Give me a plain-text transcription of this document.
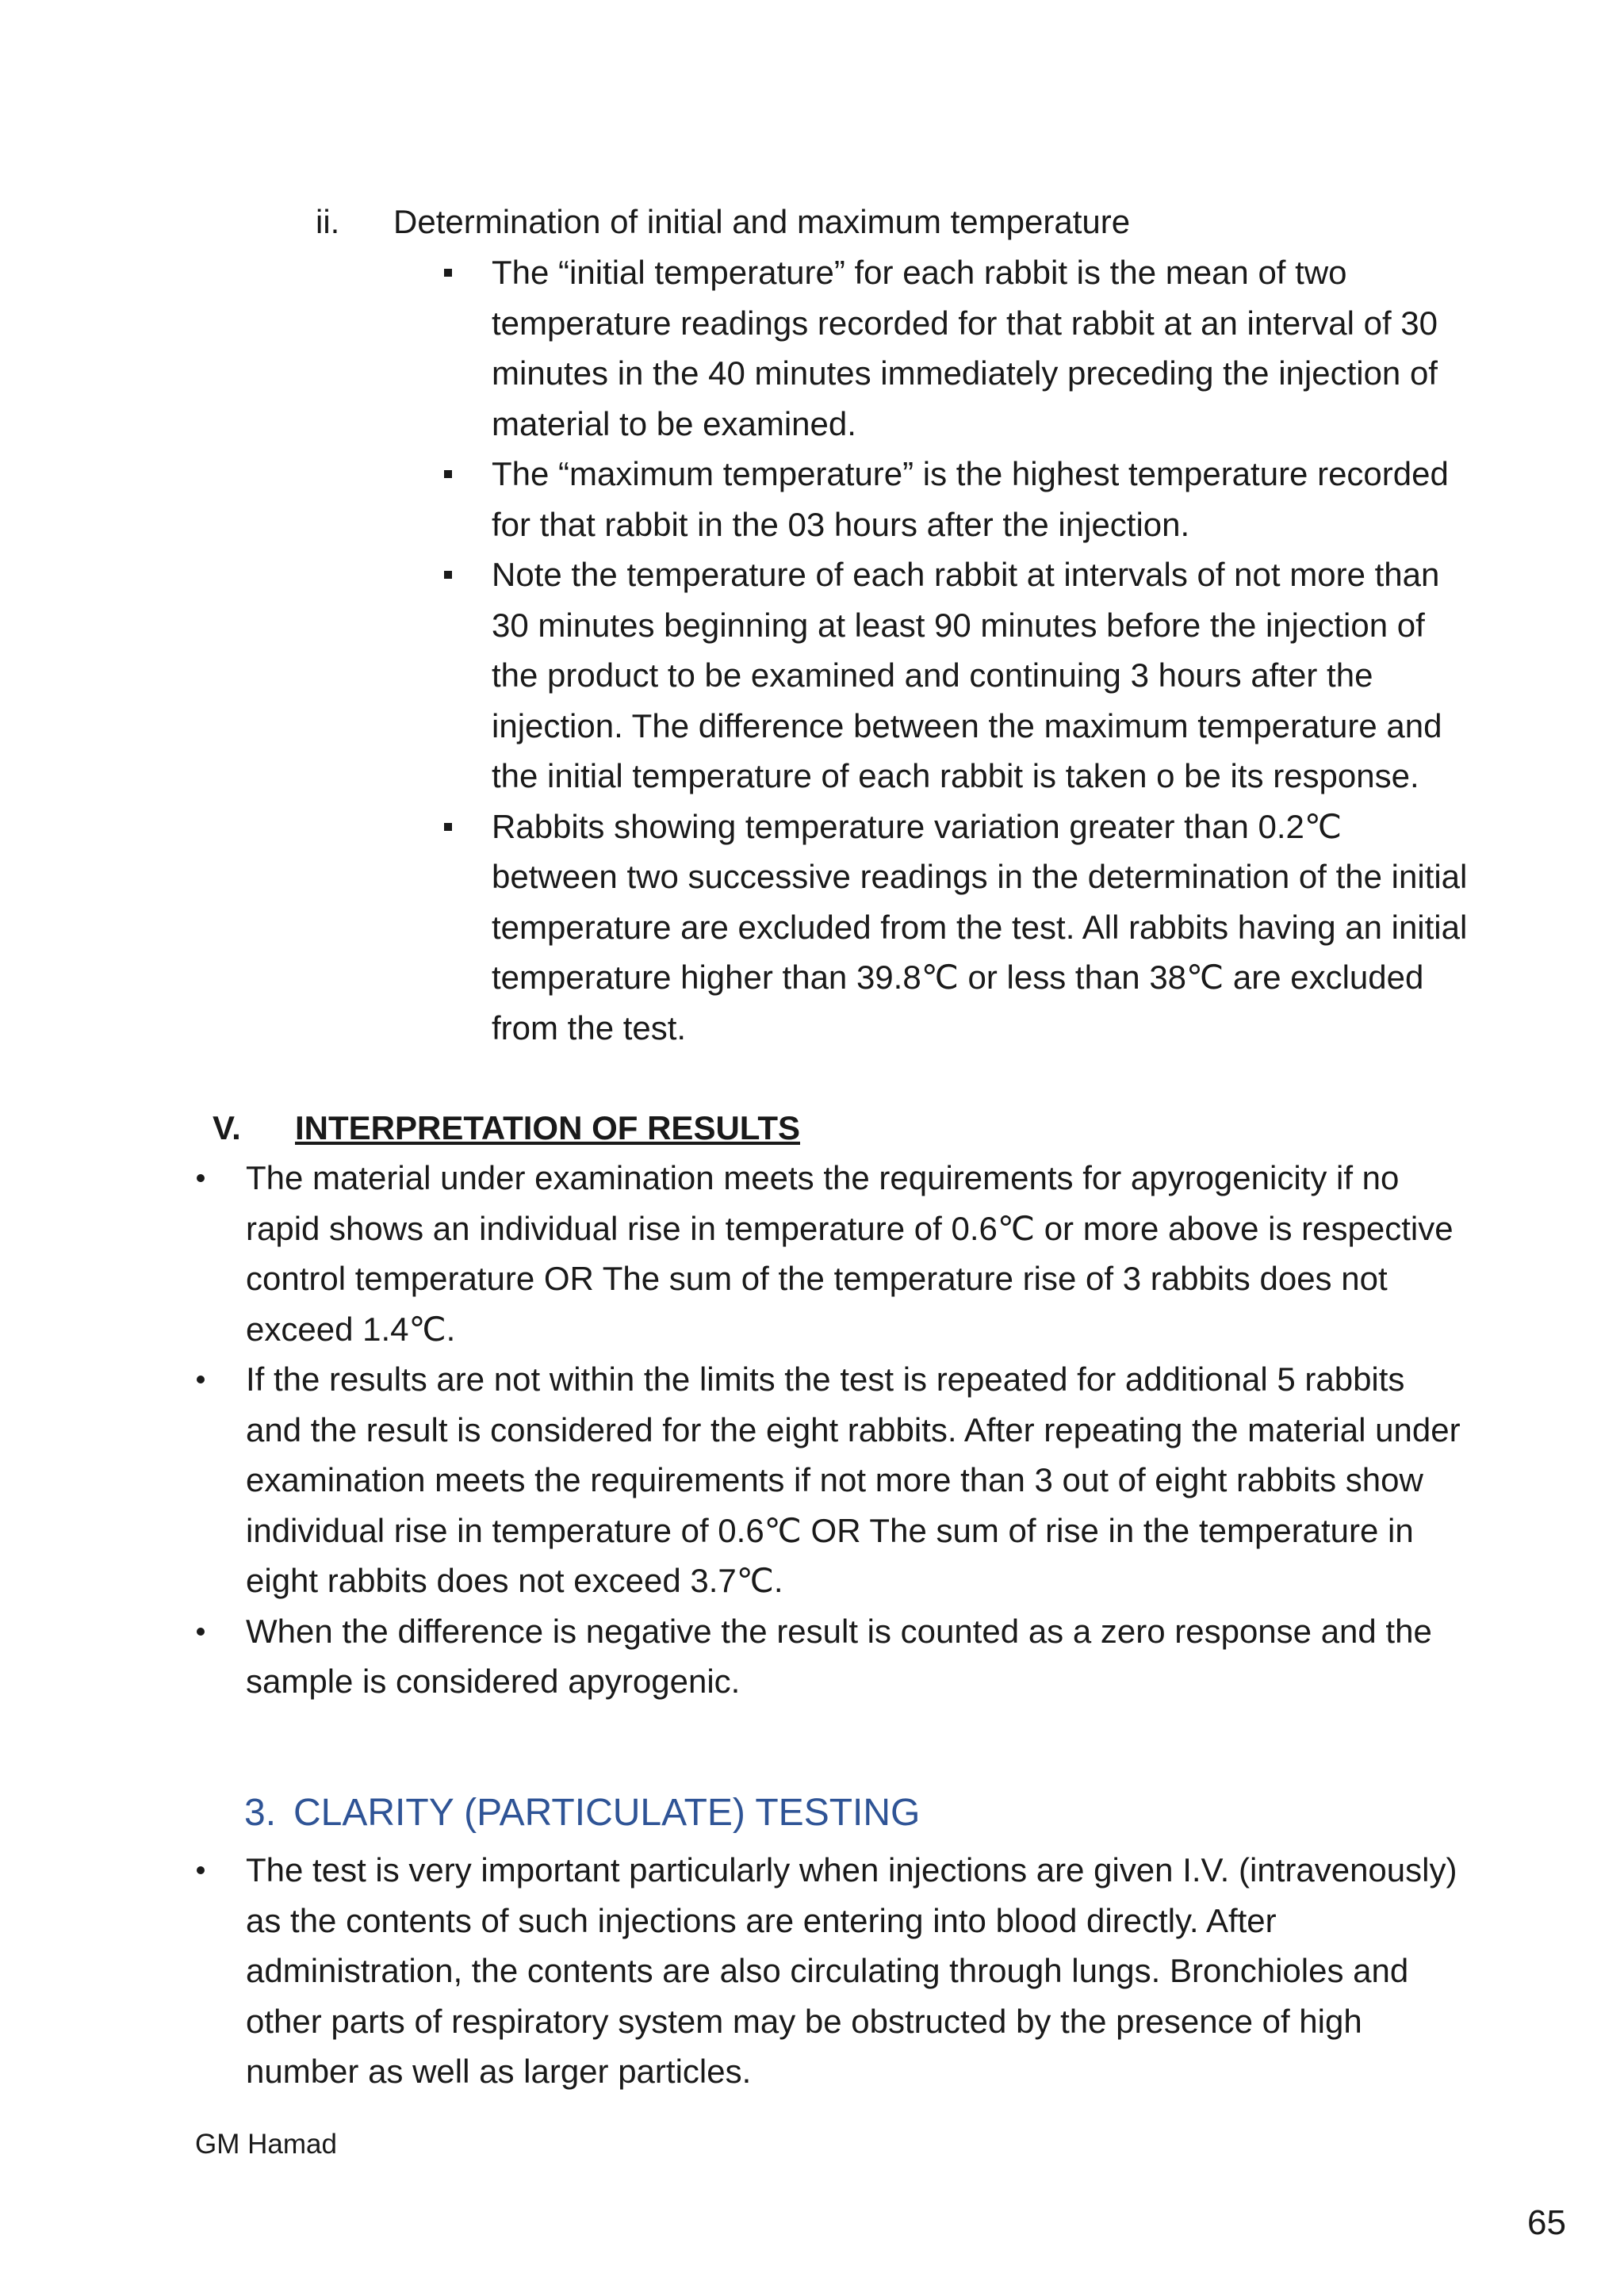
ii. Determination of initial and maximum temperature
The “initial temperature” for each rabbit is the mean of two temperature readings recorded for that rabbit at an interval of 30 minutes in the 40 minutes immediately preceding the injection of material to be examined.
The “maximum temperature” is the highest temperature recorded for that rabbit in the 03 hours after the injection.
Note the temperature of each rabbit at intervals of not more than 30 minutes beginning at least 90 minutes before the injection of the product to be examined and continuing 3 hours after the injection. The difference between the maximum temperature and the initial temperature of each rabbit is taken o be its response.
Rabbits showing temperature variation greater than 0.2℃ between two successive readings in the determination of the initial temperature are excluded from the test. All rabbits having an initial temperature higher than 39.8℃ or less than 38℃ are excluded from the test.
V. INTERPRETATION OF RESULTS
The material under examination meets the requirements for apyrogenicity if no rapid shows an individual rise in temperature of 0.6℃ or more above is respective control temperature OR The sum of the temperature rise of 3 rabbits does not exceed 1.4℃.
If the results are not within the limits the test is repeated for additional 5 rabbits and the result is considered for the eight rabbits. After repeating the material under examination meets the requirements if not more than 3 out of eight rabbits show individual rise in temperature of 0.6℃ OR The sum of rise in the temperature in eight rabbits does not exceed 3.7℃.
When the difference is negative the result is counted as a zero response and the sample is considered apyrogenic.
3. CLARITY (PARTICULATE) TESTING
The test is very important particularly when injections are given I.V. (intravenously) as the contents of such injections are entering into blood directly. After administration, the contents are also circulating through lungs. Bronchioles and other parts of respiratory system may be obstructed by the presence of high number as well as larger particles.
GM Hamad
65
